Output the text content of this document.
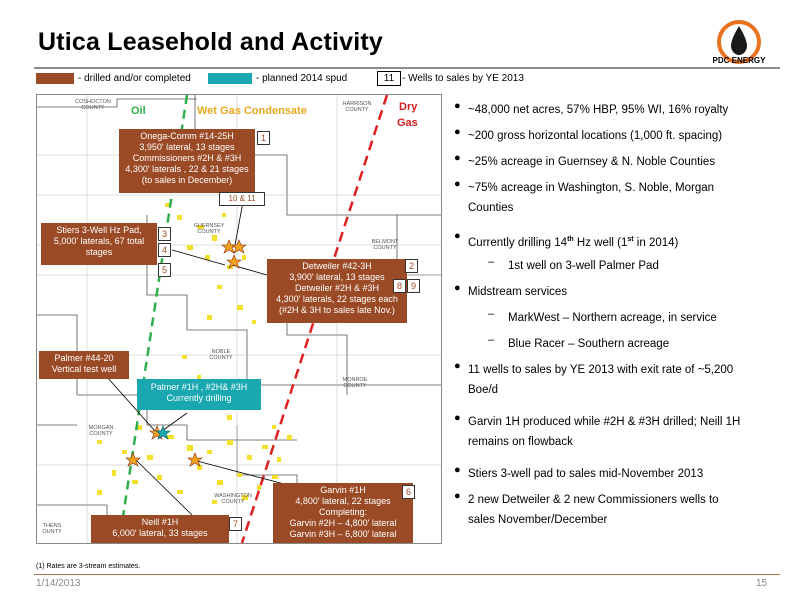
Utica Leasehold and Activity
PDC ENERGY
- drilled and/or completed	- planned 2014 spud	11 - Wells to sales by YE 2013
COSHOCTON COUNTY
HARRISON COUNTY
GUERNSEY COUNTY
BELMONT COUNTY
NOBLE COUNTY
MONROE COUNTY
MORGAN COUNTY
WASHINGTON COUNTY
THENS OUNTY
Oil	Wet Gas Condensate	Dry
Gas
Onega-Comm #14-25H
3,950' lateral, 13 stages
Commissioners #2H & #3H
4,300' laterals , 22 & 21 stages
(to sales in December)
1
10 & 11
Stiers 3-Well Hz Pad,
5,000' laterals, 67 total
stages
3
4
5	Detweiler #42-3H
3,900' lateral, 13 stages
Detweiler #2H & #3H
4,300' laterals, 22 stages each
(#2H & 3H to sales late Nov.)
2
8 9
Palmer #44-20
Vertical test well
Palmer #1H , #2H& #3H
Currently drilling
Garvin #1H
4,800' lateral, 22 stages
Completing:
Garvin #2H – 4,800' lateral
Garvin #3H – 6,800' lateral
6
Neill #1H
6,000' lateral, 33 stages
7
● ~48,000 net acres, 57% HBP, 95% WI, 16% royalty
● ~200 gross horizontal locations (1,000 ft. spacing)
● ~25% acreage in Guernsey & N. Noble Counties
● ~75% acreage in Washington, S. Noble, Morgan
Counties
●
Currently drilling 14th Hz well (1st in 2014)
– 1st well on 3-well Palmer Pad
● Midstream services
– MarkWest – Northern acreage, in service
– Blue Racer – Southern acreage
● 11 wells to sales by YE 2013 with exit rate of ~5,200
Boe/d
● Garvin 1H produced while #2H & #3H drilled; Neill 1H
remains on flowback
● Stiers 3-well pad to sales mid-November 2013
● 2 new Detweiler & 2 new Commissioners wells to
sales November/December
(1) Rates are 3-stream estimates.
1/14/2013	15
